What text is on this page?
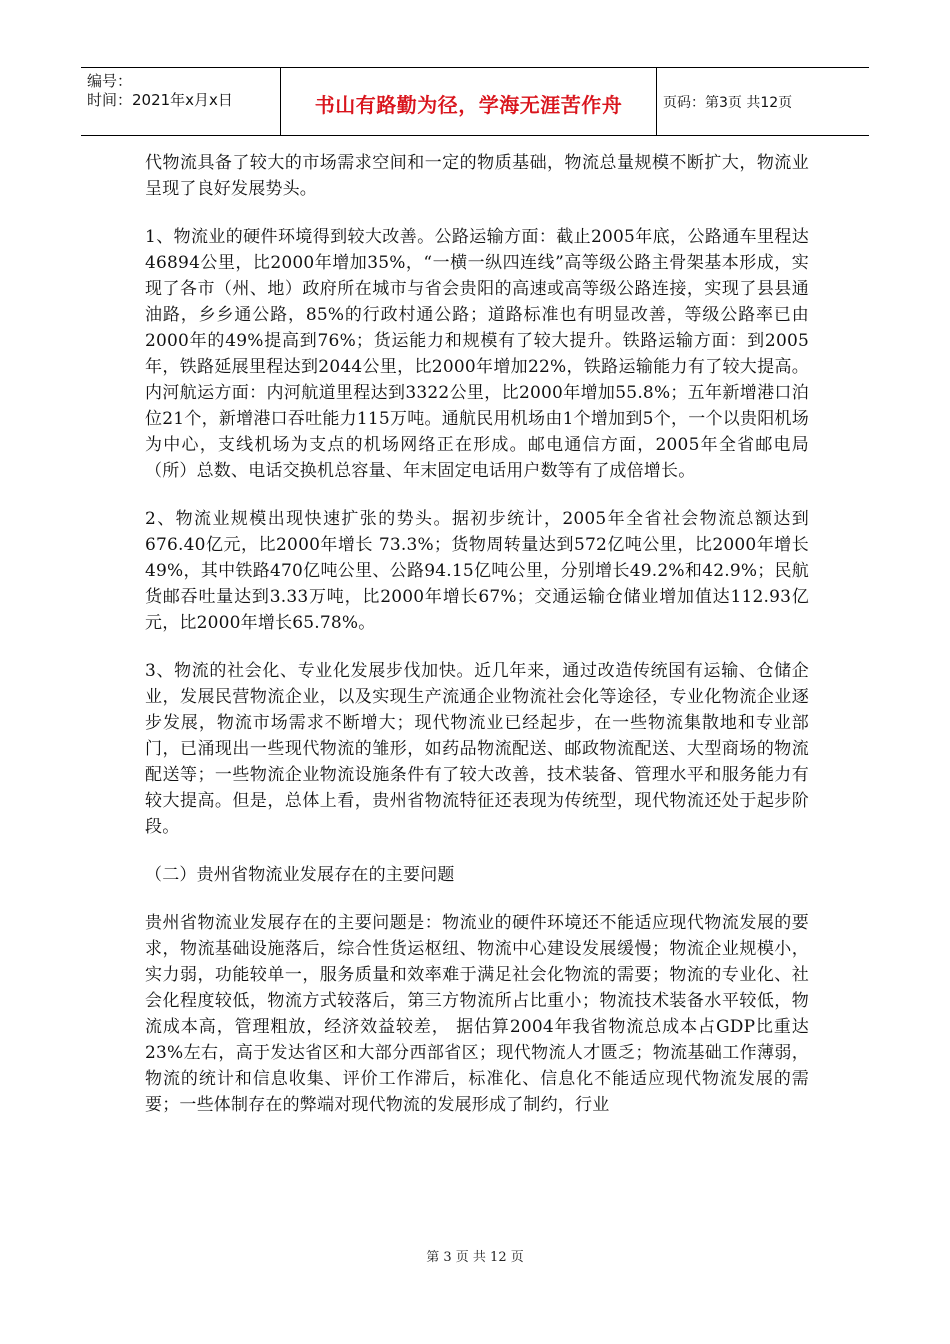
编号：
时间：2021年x月x日	书山有路勤为径，学海无涯苦作舟	页码：第3页 共12页

代物流具备了较大的市场需求空间和一定的物质基础，物流总量规模不断扩大，物流业呈现了良好发展势头。

1、物流业的硬件环境得到较大改善。公路运输方面：截止2005年底，公路通车里程达46894公里，比2000年增加35%，“一横一纵四连线”高等级公路主骨架基本形成，实现了各市（州、地）政府所在城市与省会贵阳的高速或高等级公路连接，实现了县县通油路，乡乡通公路，85%的行政村通公路；道路标准也有明显改善，等级公路率已由2000年的49%提高到76%；货运能力和规模有了较大提升。铁路运输方面：到2005年，铁路延展里程达到2044公里，比2000年增加22%，铁路运输能力有了较大提高。内河航运方面：内河航道里程达到3322公里，比2000年增加55.8%；五年新增港口泊位21个，新增港口吞吐能力115万吨。通航民用机场由1个增加到5个，一个以贵阳机场为中心，支线机场为支点的机场网络正在形成。邮电通信方面，2005年全省邮电局（所）总数、电话交换机总容量、年末固定电话用户数等有了成倍增长。

2、物流业规模出现快速扩张的势头。据初步统计，2005年全省社会物流总额达到676.40亿元，比2000年增长 73.3%；货物周转量达到572亿吨公里，比2000年增长49%，其中铁路470亿吨公里、公路94.15亿吨公里，分别增长49.2%和42.9%；民航货邮吞吐量达到3.33万吨，比2000年增长67%；交通运输仓储业增加值达112.93亿元，比2000年增长65.78%。

3、物流的社会化、专业化发展步伐加快。近几年来，通过改造传统国有运输、仓储企业，发展民营物流企业，以及实现生产流通企业物流社会化等途径，专业化物流企业逐步发展，物流市场需求不断增大；现代物流业已经起步，在一些物流集散地和专业部门，已涌现出一些现代物流的雏形，如药品物流配送、邮政物流配送、大型商场的物流配送等；一些物流企业物流设施条件有了较大改善，技术装备、管理水平和服务能力有较大提高。但是，总体上看，贵州省物流特征还表现为传统型，现代物流还处于起步阶段。

（二）贵州省物流业发展存在的主要问题

贵州省物流业发展存在的主要问题是：物流业的硬件环境还不能适应现代物流发展的要求，物流基础设施落后，综合性货运枢纽、物流中心建设发展缓慢；物流企业规模小，实力弱，功能较单一，服务质量和效率难于满足社会化物流的需要；物流的专业化、社会化程度较低，物流方式较落后，第三方物流所占比重小；物流技术装备水平较低，物流成本高，管理粗放，经济效益较差， 据估算2004年我省物流总成本占GDP比重达23%左右，高于发达省区和大部分西部省区；现代物流人才匮乏；物流基础工作薄弱，物流的统计和信息收集、评价工作滞后，标准化、信息化不能适应现代物流发展的需要；一些体制存在的弊端对现代物流的发展形成了制约，行业

第 3 页 共 12 页
